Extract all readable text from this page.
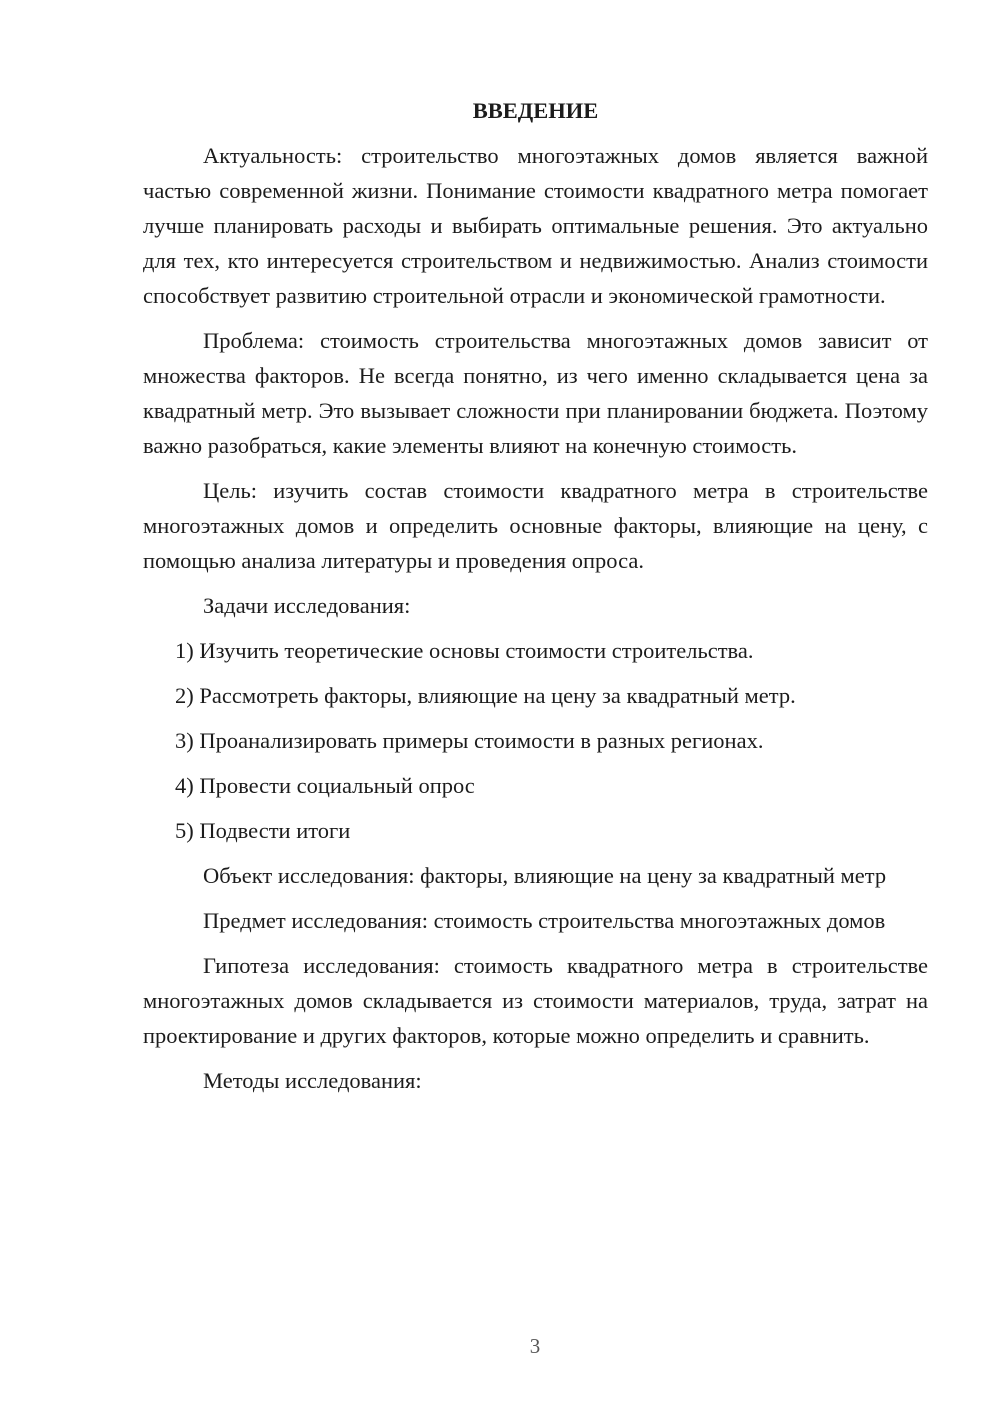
ВВЕДЕНИЕ

Актуальность: строительство многоэтажных домов является важной частью современной жизни. Понимание стоимости квадратного метра помогает лучше планировать расходы и выбирать оптимальные решения. Это актуально для тех, кто интересуется строительством и недвижимостью. Анализ стоимости способствует развитию строительной отрасли и экономической грамотности.

Проблема: стоимость строительства многоэтажных домов зависит от множества факторов. Не всегда понятно, из чего именно складывается цена за квадратный метр. Это вызывает сложности при планировании бюджета. Поэтому важно разобраться, какие элементы влияют на конечную стоимость.

Цель: изучить состав стоимости квадратного метра в строительстве многоэтажных домов и определить основные факторы, влияющие на цену, с помощью анализа литературы и проведения опроса.

Задачи исследования:

1) Изучить теоретические основы стоимости строительства.
2) Рассмотреть факторы, влияющие на цену за квадратный метр.
3) Проанализировать примеры стоимости в разных регионах.
4) Провести социальный опрос
5) Подвести итоги

Объект исследования: факторы, влияющие на цену за квадратный метр

Предмет исследования: стоимость строительства многоэтажных домов

Гипотеза исследования: стоимость квадратного метра в строительстве многоэтажных домов складывается из стоимости материалов, труда, затрат на проектирование и других факторов, которые можно определить и сравнить.

Методы исследования:

3
